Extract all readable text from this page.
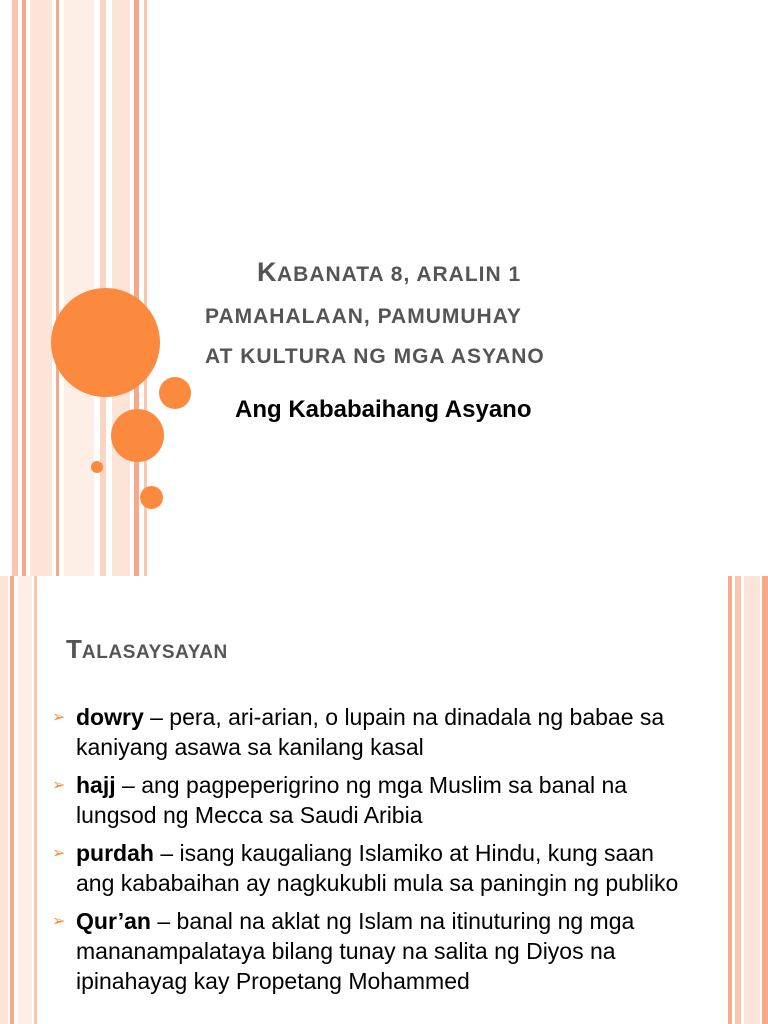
KABANATA 8, ARALIN 1
PAMAHALAAN, PAMUMUHAY
AT KULTURA NG MGA ASYANO
Ang Kababaihang Asyano
TALASAYSAYAN
➢ dowry – pera, ari-arian, o lupain na dinadala ng babae sa kaniyang asawa sa kanilang kasal
➢ hajj – ang pagpeperigrino ng mga Muslim sa banal na lungsod ng Mecca sa Saudi Aribia
➢ purdah – isang kaugaliang Islamiko at Hindu, kung saan ang kababaihan ay nagkukubli mula sa paningin ng publiko
➢ Qur’an – banal na aklat ng Islam na itinuturing ng mga mananampalataya bilang tunay na salita ng Diyos na ipinahayag kay Propetang Mohammed
